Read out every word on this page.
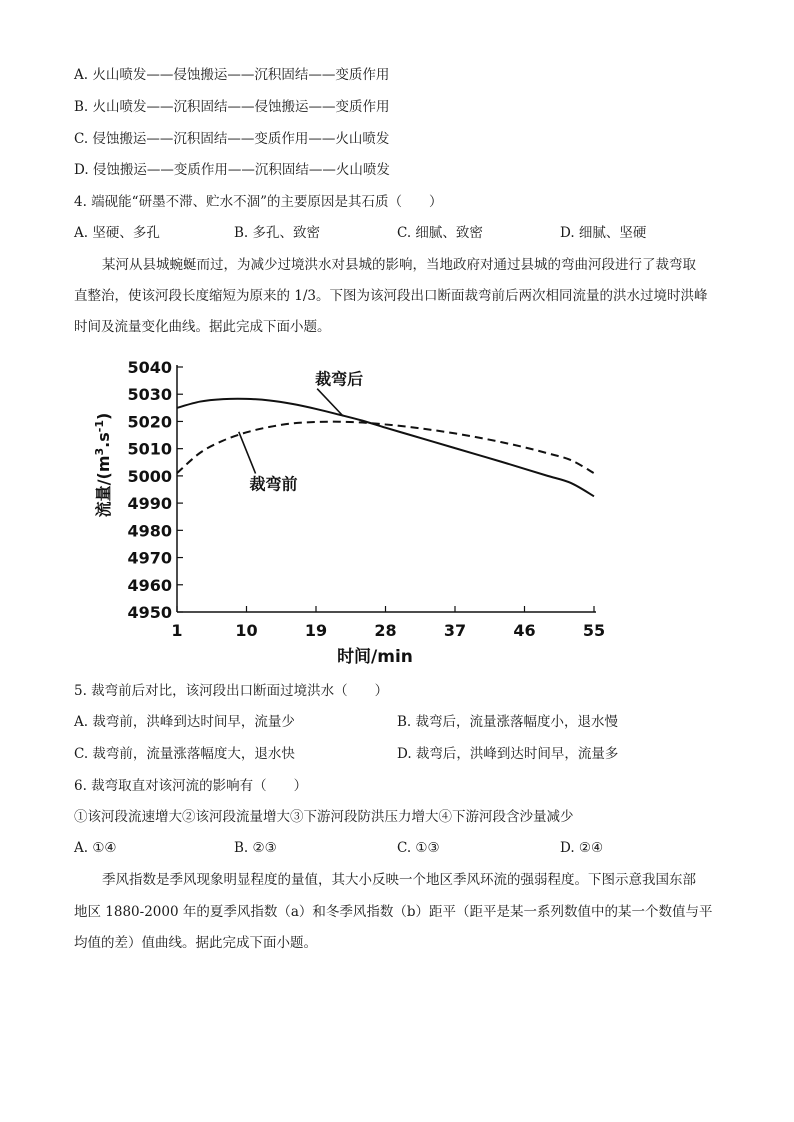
A. 火山喷发——侵蚀搬运——沉积固结——变质作用
B. 火山喷发——沉积固结——侵蚀搬运——变质作用
C. 侵蚀搬运——沉积固结——变质作用——火山喷发
D. 侵蚀搬运——变质作用——沉积固结——火山喷发
4. 端砚能“研墨不滞、贮水不涸”的主要原因是其石质（　　）
A. 坚硬、多孔	B. 多孔、致密	C. 细腻、致密	D. 细腻、坚硬
某河从县城蜿蜒而过，为减少过境洪水对县城的影响，当地政府对通过县城的弯曲河段进行了裁弯取
直整治，使该河段长度缩短为原来的 1/3。下图为该河段出口断面裁弯前后两次相同流量的洪水过境时洪峰
时间及流量变化曲线。据此完成下面小题。
4950
4960
4970
4980
4990
5000
5010
5020
5030
5040
1	10	19	28	37	46	55
裁弯后
裁弯前
时间/min
流量$/(m^3.s^{-1})$
5. 裁弯前后对比，该河段出口断面过境洪水（　　）
A. 裁弯前，洪峰到达时间早，流量少	B. 裁弯后，流量涨落幅度小，退水慢
C. 裁弯前，流量涨落幅度大，退水快	D. 裁弯后，洪峰到达时间早，流量多
6. 裁弯取直对该河流的影响有（　　）
①该河段流速增大②该河段流量增大③下游河段防洪压力增大④下游河段含沙量减少
A. ①④	B. ②③	C. ①③	D. ②④
季风指数是季风现象明显程度的量值，其大小反映一个地区季风环流的强弱程度。下图示意我国东部
地区 1880-2000 年的夏季风指数（a）和冬季风指数（b）距平（距平是某一系列数值中的某一个数值与平
均值的差）值曲线。据此完成下面小题。
